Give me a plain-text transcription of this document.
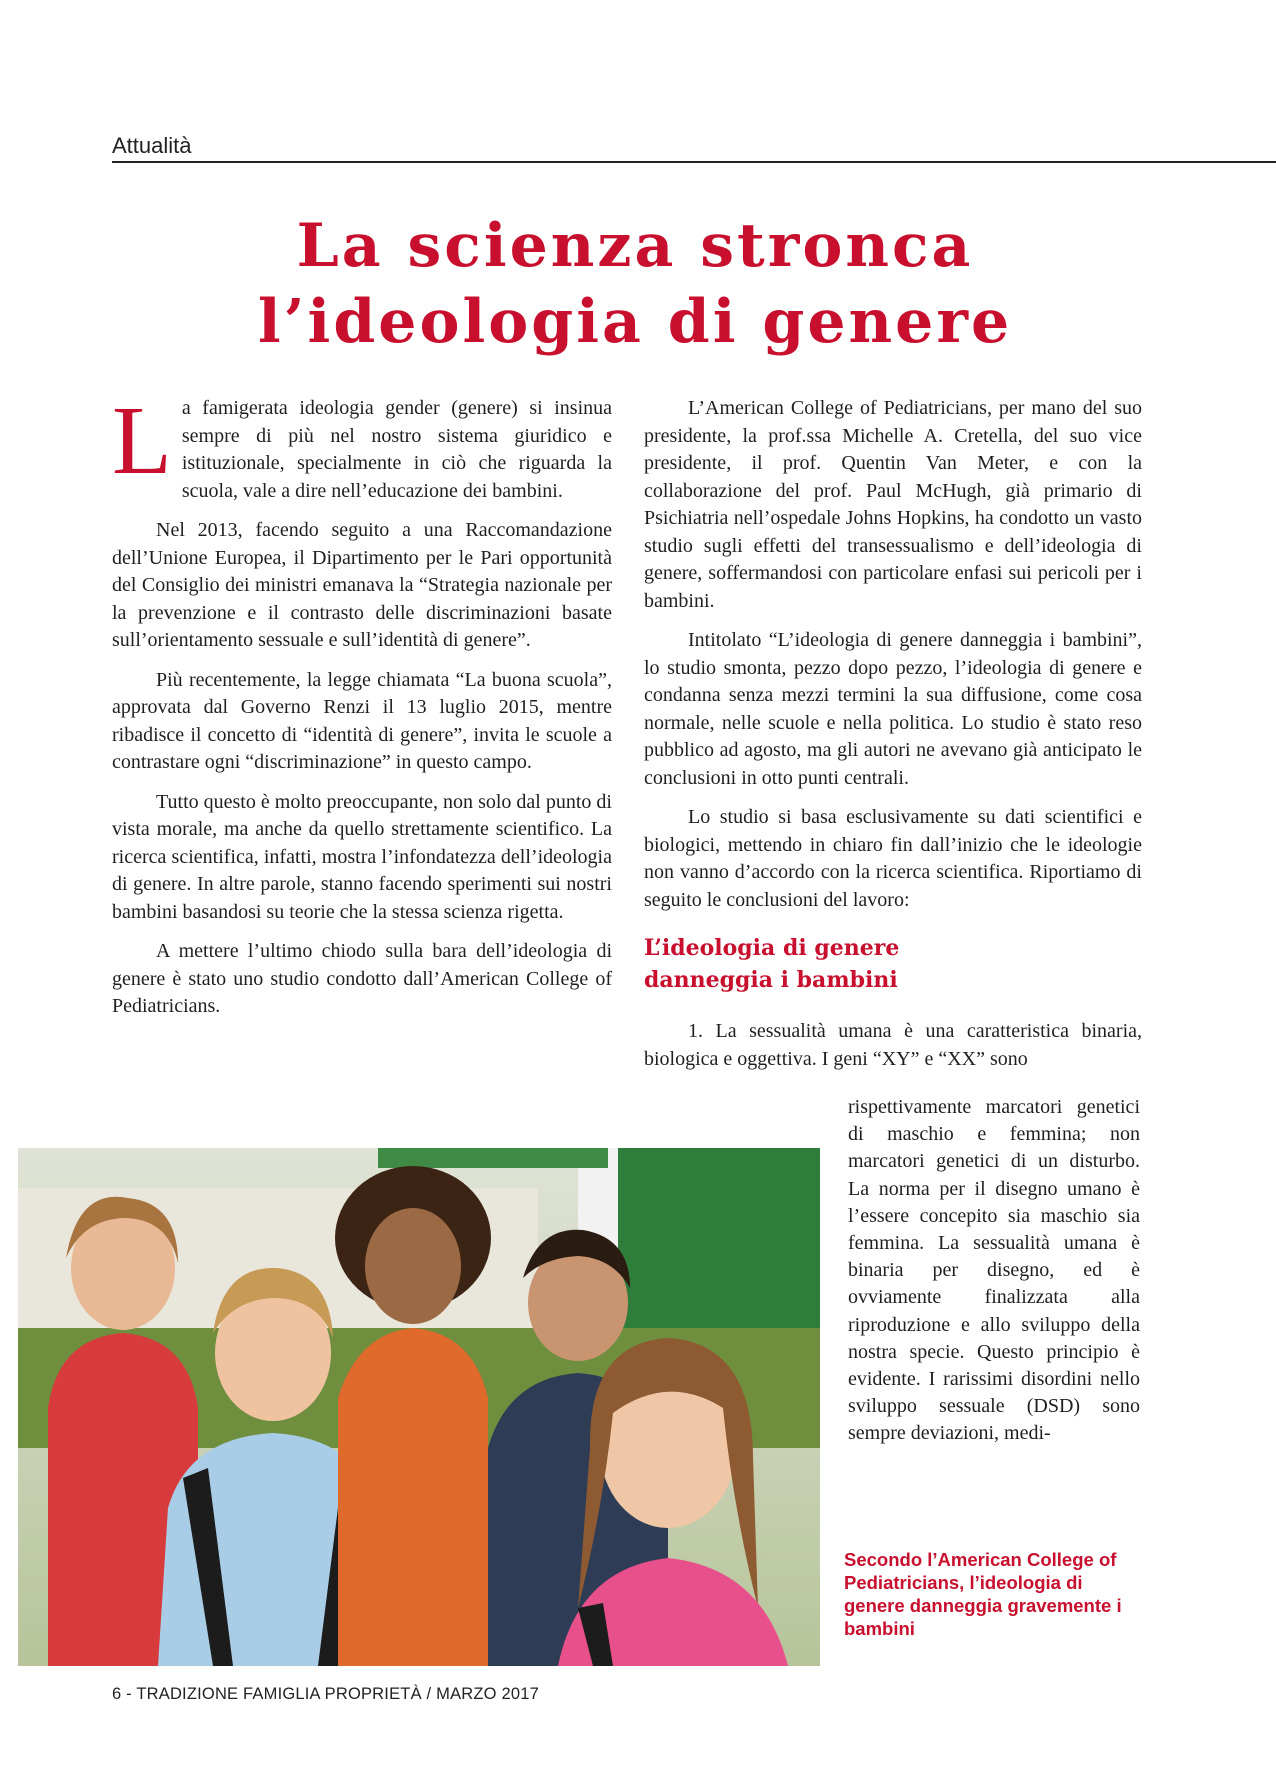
Attualità
La scienza stronca
l’ideologia di genere

La famigerata ideologia gender (genere) si insinua sempre di più nel nostro sistema giuridico e istituzionale, specialmente in ciò che riguarda la scuola, vale a dire nell’educazione dei bambini.

Nel 2013, facendo seguito a una Raccomandazione dell’Unione Europea, il Dipartimento per le Pari opportunità del Consiglio dei ministri emanava la “Strategia nazionale per la prevenzione e il contrasto delle discriminazioni basate sull’orientamento sessuale e sull’identità di genere”.

Più recentemente, la legge chiamata “La buona scuola”, approvata dal Governo Renzi il 13 luglio 2015, mentre ribadisce il concetto di “identità di genere”, invita le scuole a contrastare ogni “discriminazione” in questo campo.

Tutto questo è molto preoccupante, non solo dal punto di vista morale, ma anche da quello strettamente scientifico. La ricerca scientifica, infatti, mostra l’infondatezza dell’ideologia di genere. In altre parole, stanno facendo sperimenti sui nostri bambini basandosi su teorie che la stessa scienza rigetta.

A mettere l’ultimo chiodo sulla bara dell’ideologia di genere è stato uno studio condotto dall’American College of Pediatricians.

L’American College of Pediatricians, per mano del suo presidente, la prof.ssa Michelle A. Cretella, del suo vice presidente, il prof. Quentin Van Meter, e con la collaborazione del prof. Paul McHugh, già primario di Psichiatria nell’ospedale Johns Hopkins, ha condotto un vasto studio sugli effetti del transessualismo e dell’ideologia di genere, soffermandosi con particolare enfasi sui pericoli per i bambini.

Intitolato “L’ideologia di genere danneggia i bambini”, lo studio smonta, pezzo dopo pezzo, l’ideologia di genere e condanna senza mezzi termini la sua diffusione, come cosa normale, nelle scuole e nella politica. Lo studio è stato reso pubblico ad agosto, ma gli autori ne avevano già anticipato le conclusioni in otto punti centrali.

Lo studio si basa esclusivamente su dati scientifici e biologici, mettendo in chiaro fin dall’inizio che le ideologie non vanno d’accordo con la ricerca scientifica. Riportiamo di seguito le conclusioni del lavoro:

L’ideologia di genere
danneggia i bambini

1. La sessualità umana è una caratteristica binaria, biologica e oggettiva. I geni “XY” e “XX” sono

rispettivamente marcatori genetici di maschio e femmina; non marcatori genetici di un disturbo. La norma per il disegno umano è l’essere concepito sia maschio sia femmina. La sessualità umana è binaria per disegno, ed è ovviamente finalizzata alla riproduzione e allo sviluppo della nostra specie. Questo principio è evidente. I rarissimi disordini nello sviluppo sessuale (DSD) sono sempre deviazioni, medi-

Secondo l’American College of Pediatricians, l’ideologia di genere danneggia gravemente i bambini
6 - TRADIZIONE FAMIGLIA PROPRIETÀ / MARZO 2017
